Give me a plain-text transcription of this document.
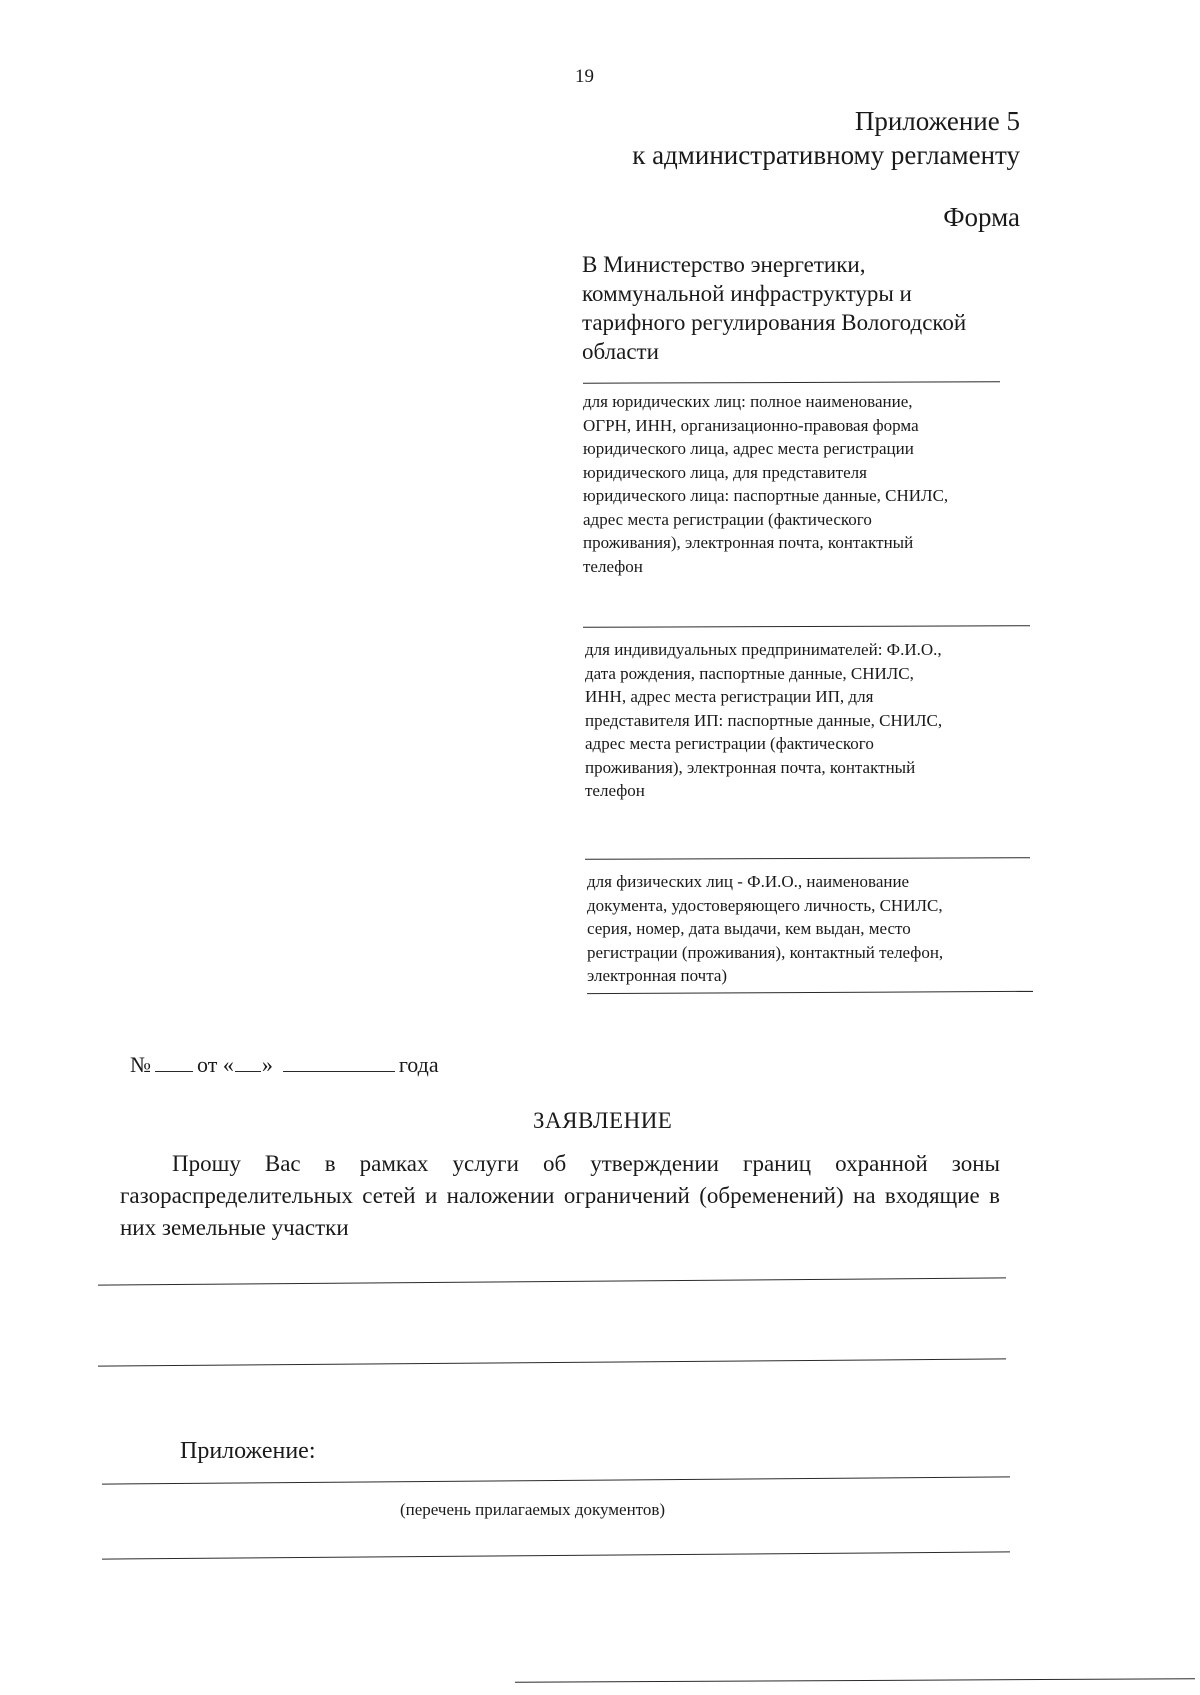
19
Приложение 5
к административному регламенту
Форма
В Министерство энергетики,
коммунальной инфраструктуры и
тарифного регулирования Вологодской
области
для юридических лиц: полное наименование,
ОГРН, ИНН, организационно-правовая форма
юридического лица, адрес места регистрации
юридического лица, для представителя
юридического лица: паспортные данные, СНИЛС,
адрес места регистрации (фактического
проживания), электронная почта, контактный
телефон
для индивидуальных предпринимателей: Ф.И.О.,
дата рождения, паспортные данные, СНИЛС,
ИНН, адрес места регистрации ИП, для
представителя ИП: паспортные данные, СНИЛС,
адрес места регистрации (фактического
проживания), электронная почта, контактный
телефон
для физических лиц - Ф.И.О., наименование
документа, удостоверяющего личность, СНИЛС,
серия, номер, дата выдачи, кем выдан, место
регистрации (проживания), контактный телефон,
электронная почта)
№ от « »	года
ЗАЯВЛЕНИЕ
Прошу Вас в рамках услуги об утверждении границ охранной зоны газораспределительных сетей и наложении ограничений (обременений) на входящие в них земельные участки
Приложение:
(перечень прилагаемых документов)
